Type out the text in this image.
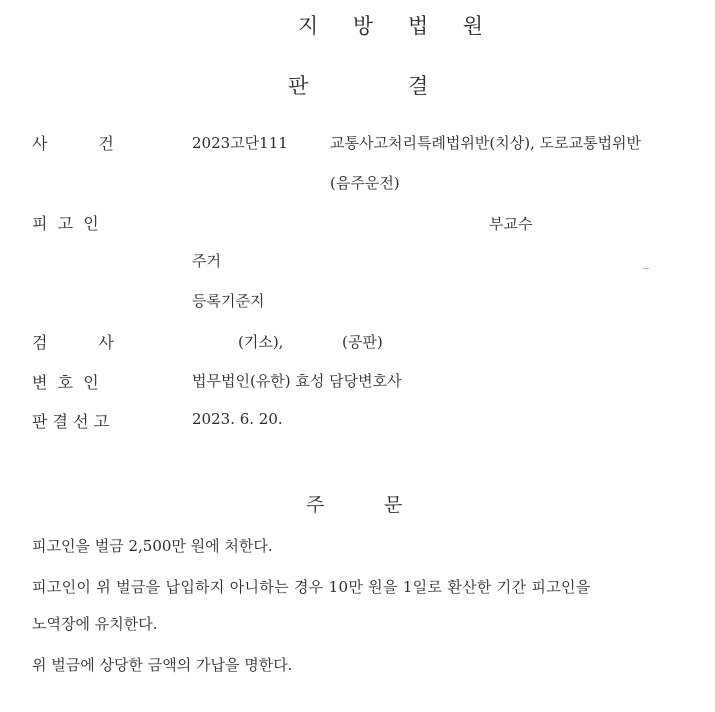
지 방 법 원
판	결
사          건	2023고단111	교통사고처리특례법위반(치상), 도로교통법위반
(음주운전)
피  고  인	부교수
주거
등록기준지
검          사	(기소),	(공판)
변  호  인	법무법인(유한) 효성 담당변호사
판 결 선 고	2023. 6. 20.
주	문
피고인을 벌금 2,500만 원에 처한다.
피고인이 위 벌금을 납입하지 아니하는 경우 10만 원을 1일로 환산한 기간 피고인을
노역장에 유치한다.
위 벌금에 상당한 금액의 가납을 명한다.
